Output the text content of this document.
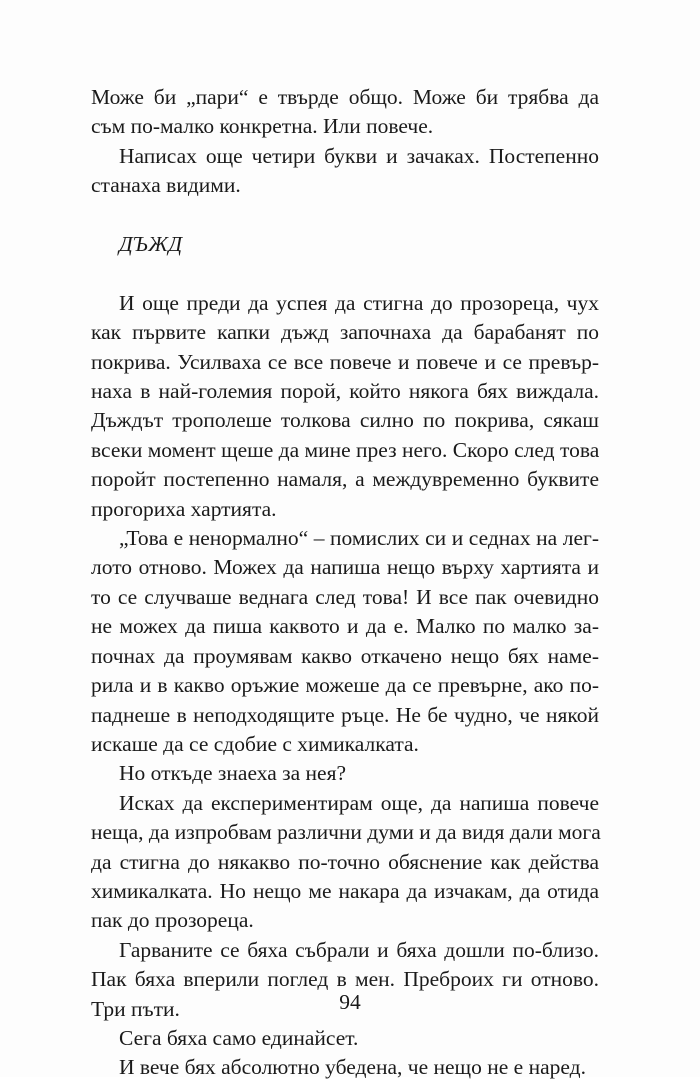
Може би „пари“ е твърде общо. Може би трябва да
съм по-малко конкретна. Или повече.
Написах още четири букви и зачаках. Постепенно
станаха видими.
ДЪЖД
И още преди да успея да стигна до прозореца, чух
как първите капки дъжд започнаха да барабанят по
покрива. Усилваха се все повече и повече и се превър-
наха в най-големия порой, който някога бях виждала.
Дъждът трополеше толкова силно по покрива, сякаш
всеки момент щеше да мине през него. Скоро след това
поройт постепенно намаля, а междувременно буквите
прогориха хартията.
„Това е ненормално“ – помислих си и седнах на лег-
лото отново. Можех да напиша нещо върху хартията и
то се случваше веднага след това! И все пак очевидно
не можех да пиша каквото и да е. Малко по малко за-
почнах да проумявам какво откачено нещо бях наме-
рила и в какво оръжие можеше да се превърне, ако по-
паднеше в неподходящите ръце. Не бе чудно, че някой
искаше да се сдобие с химикалката.
Но откъде знаеха за нея?
Исках да експериментирам още, да напиша повече
неща, да изпробвам различни думи и да видя дали мога
да стигна до някакво по-точно обяснение как действа
химикалката. Но нещо ме накара да изчакам, да отида
пак до прозореца.
Гарваните се бяха събрали и бяха дошли по-близо.
Пак бяха вперили поглед в мен. Преброих ги отново.
Три пъти.
Сега бяха само единайсет.
И вече бях абсолютно убедена, че нещо не е наред.
94
